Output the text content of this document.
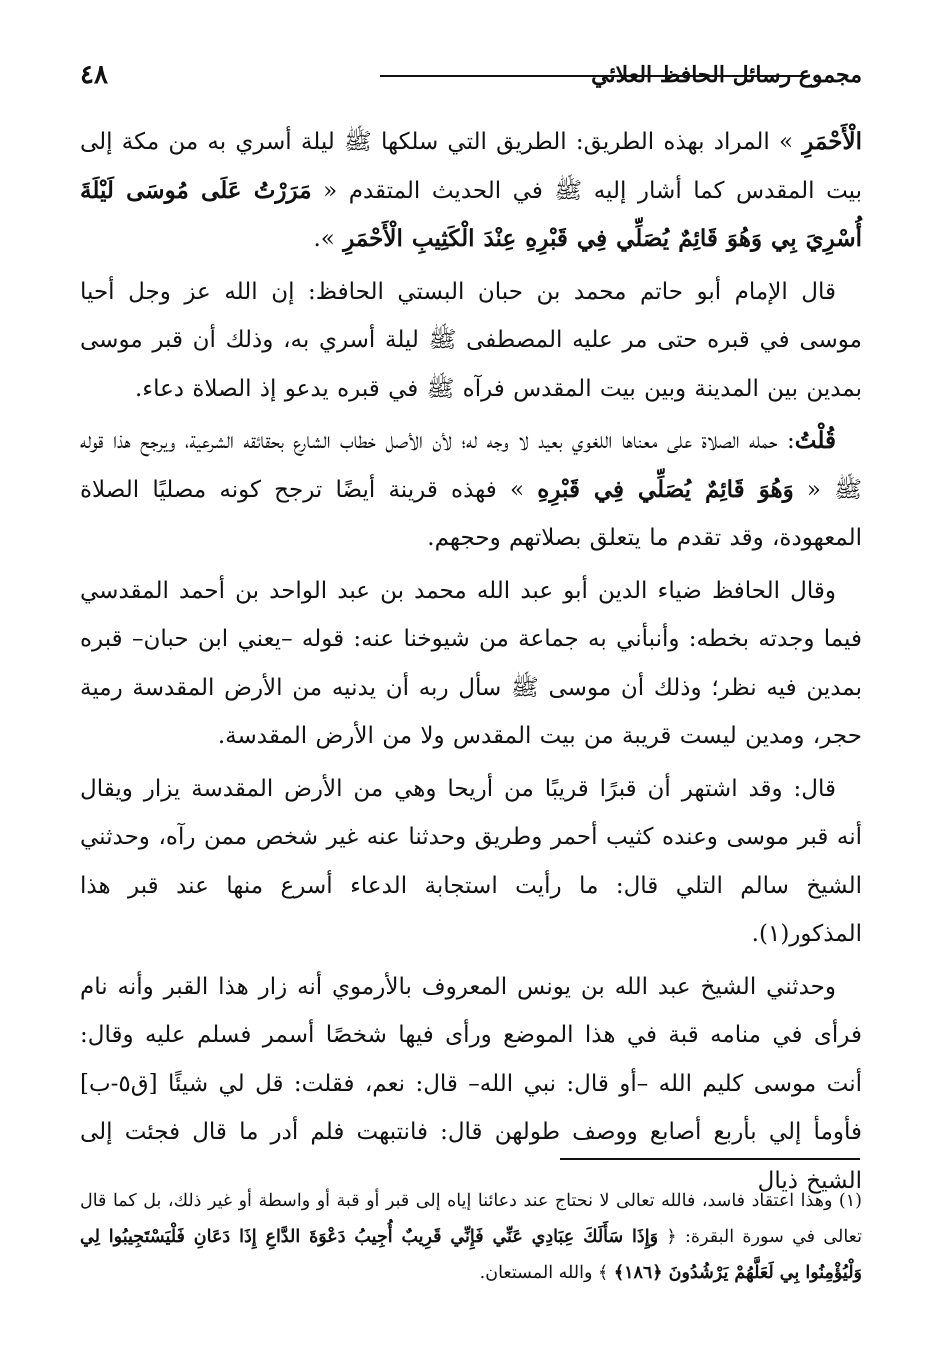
مجموع رسائل الحافظ العلائي
٤٨

الْأَحْمَرِ » المراد بهذه الطريق: الطريق التي سلكها ﷺ ليلة أسري به من مكة إلى بيت المقدس كما أشار إليه ﷺ في الحديث المتقدم « مَرَرْتُ عَلَى مُوسَى لَيْلَةَ أُسْرِيَ بِي وَهُوَ قَائِمٌ يُصَلِّي فِي قَبْرِهِ عِنْدَ الْكَثِيبِ الْأَحْمَرِ ».

قال الإمام أبو حاتم محمد بن حبان البستي الحافظ: إن الله عز وجل أحيا موسى في قبره حتى مر عليه المصطفى ﷺ ليلة أسري به، وذلك أن قبر موسى بمدين بين المدينة وبين بيت المقدس فرآه ﷺ في قبره يدعو إذ الصلاة دعاء.

قُلْتُ: حمله الصلاة على معناها اللغوي بعيد لا وجه له؛ لأن الأصل خطاب الشارع بحقائقه الشرعية، ويرجح هذا قوله ﷺ « وَهُوَ قَائِمٌ يُصَلِّي فِي قَبْرِهِ » فهذه قرينة أيضًا ترجح كونه مصليًا الصلاة المعهودة، وقد تقدم ما يتعلق بصلاتهم وحجهم.

وقال الحافظ ضياء الدين أبو عبد الله محمد بن عبد الواحد بن أحمد المقدسي فيما وجدته بخطه: وأنبأني به جماعة من شيوخنا عنه: قوله –يعني ابن حبان– قبره بمدين فيه نظر؛ وذلك أن موسى ﷺ سأل ربه أن يدنيه من الأرض المقدسة رمية حجر، ومدين ليست قريبة من بيت المقدس ولا من الأرض المقدسة.

قال: وقد اشتهر أن قبرًا قريبًا من أريحا وهي من الأرض المقدسة يزار ويقال أنه قبر موسى وعنده كثيب أحمر وطريق وحدثنا عنه غير شخص ممن رآه، وحدثني الشيخ سالم التلي قال: ما رأيت استجابة الدعاء أسرع منها عند قبر هذا المذكور(١).

وحدثني الشيخ عبد الله بن يونس المعروف بالأرموي أنه زار هذا القبر وأنه نام فرأى في منامه قبة في هذا الموضع ورأى فيها شخصًا أسمر فسلم عليه وقال: أنت موسى كليم الله –أو قال: نبي الله– قال: نعم، فقلت: قل لي شيئًا [ق٥-ب] فأومأ إلي بأربع أصابع ووصف طولهن قال: فانتبهت فلم أدر ما قال فجئت إلى الشيخ ذيال

(١) وهذا اعتقاد فاسد، فالله تعالى لا نحتاج عند دعائنا إياه إلى قبر أو قبة أو واسطة أو غير ذلك، بل كما قال تعالى في سورة البقرة: ﴿ وَإِذَا سَأَلَكَ عِبَادِي عَنِّي فَإِنِّي قَرِيبٌ أُجِيبُ دَعْوَةَ الدَّاعِ إِذَا دَعَانِ فَلْيَسْتَجِيبُوا لِي وَلْيُؤْمِنُوا بِي لَعَلَّهُمْ يَرْشُدُونَ ﴿١٨٦﴾ ﴾ والله المستعان.
